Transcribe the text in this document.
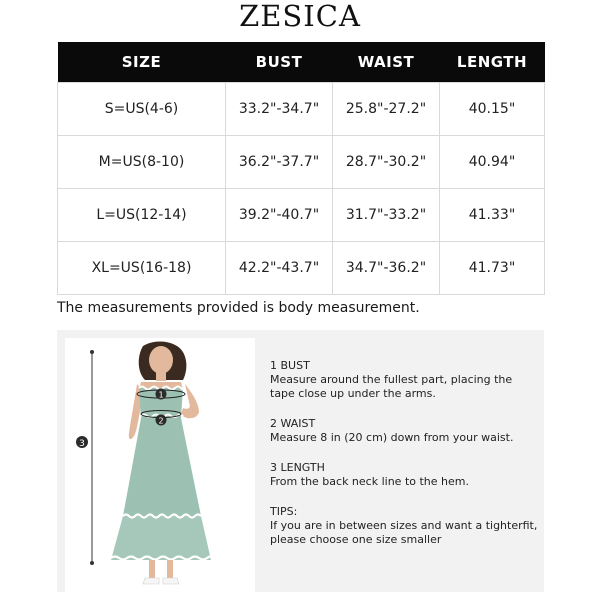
ZESICA
SIZE	BUST	WAIST	LENGTH
S=US(4-6)	33.2"-34.7"	25.8"-27.2"	40.15"
M=US(8-10)	36.2"-37.7"	28.7"-30.2"	40.94"
L=US(12-14)	39.2"-40.7"	31.7"-33.2"	41.33"
XL=US(16-18)	42.2"-43.7"	34.7"-36.2"	41.73"
The measurements provided is body measurement.
3
1
2
1 BUST
Measure around the fullest part, placing the tape close up under the arms.
2 WAIST
Measure 8 in (20 cm) down from your waist.
3 LENGTH
From the back neck line to the hem.
TIPS:
If you are in between sizes and want a tighterfit, please choose one size smaller
